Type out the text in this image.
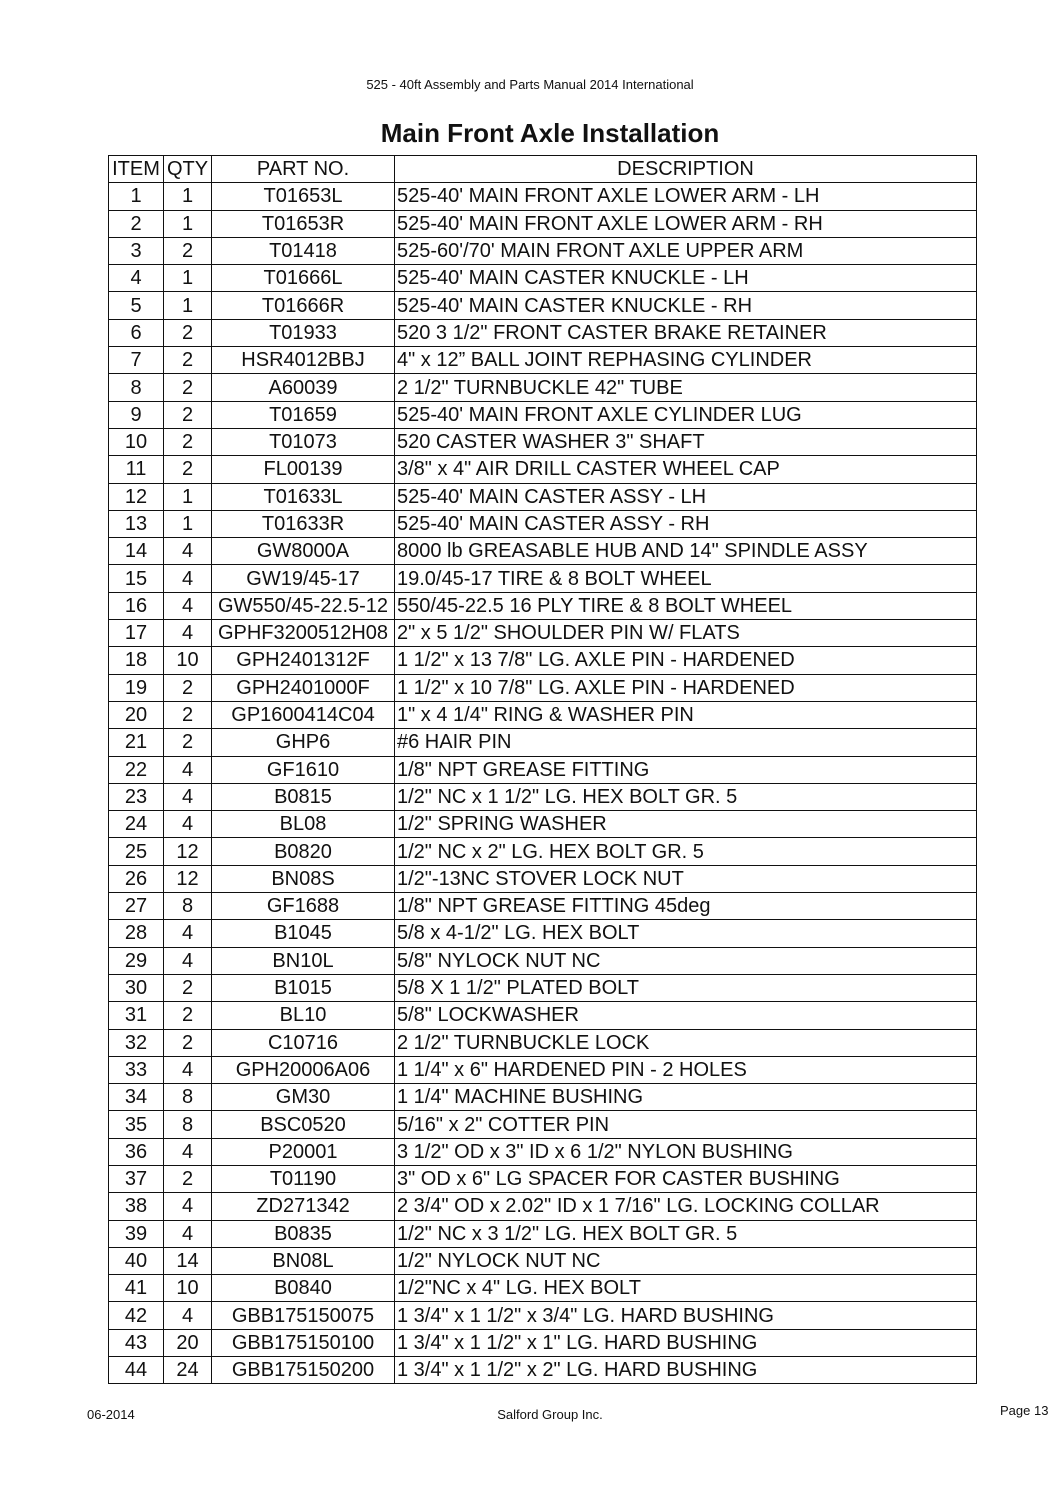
525 - 40ft Assembly and Parts Manual 2014 International
Main Front Axle Installation
ITEM	QTY	PART NO.	DESCRIPTION
1	1	T01653L	525-40' MAIN FRONT AXLE LOWER ARM - LH
2	1	T01653R	525-40' MAIN FRONT AXLE LOWER ARM - RH
3	2	T01418	525-60'/70' MAIN FRONT AXLE UPPER ARM
4	1	T01666L	525-40' MAIN CASTER KNUCKLE - LH
5	1	T01666R	525-40' MAIN CASTER KNUCKLE - RH
6	2	T01933	520 3 1/2" FRONT CASTER BRAKE RETAINER
7	2	HSR4012BBJ	4" x 12” BALL JOINT REPHASING CYLINDER
8	2	A60039	2 1/2" TURNBUCKLE 42" TUBE
9	2	T01659	525-40' MAIN FRONT AXLE CYLINDER LUG
10	2	T01073	520 CASTER WASHER 3" SHAFT
11	2	FL00139	3/8" x 4" AIR DRILL CASTER WHEEL CAP
12	1	T01633L	525-40' MAIN CASTER ASSY - LH
13	1	T01633R	525-40' MAIN CASTER ASSY - RH
14	4	GW8000A	8000 lb GREASABLE HUB AND 14" SPINDLE ASSY
15	4	GW19/45-17	19.0/45-17 TIRE & 8 BOLT WHEEL
16	4	GW550/45-22.5-12	550/45-22.5 16 PLY TIRE & 8 BOLT WHEEL
17	4	GPHF3200512H08	2" x 5 1/2" SHOULDER PIN W/ FLATS
18	10	GPH2401312F	1 1/2" x 13 7/8" LG. AXLE PIN - HARDENED
19	2	GPH2401000F	1 1/2" x 10 7/8" LG. AXLE PIN - HARDENED
20	2	GP1600414C04	1" x 4 1/4" RING & WASHER PIN
21	2	GHP6	#6 HAIR PIN
22	4	GF1610	1/8" NPT GREASE FITTING
23	4	B0815	1/2" NC x 1 1/2" LG. HEX BOLT GR. 5
24	4	BL08	1/2" SPRING WASHER
25	12	B0820	1/2" NC x 2" LG. HEX BOLT GR. 5
26	12	BN08S	1/2"-13NC STOVER LOCK NUT
27	8	GF1688	1/8" NPT GREASE FITTING 45deg
28	4	B1045	5/8 x 4-1/2" LG. HEX BOLT
29	4	BN10L	5/8" NYLOCK NUT NC
30	2	B1015	5/8 X 1 1/2" PLATED BOLT
31	2	BL10	5/8" LOCKWASHER
32	2	C10716	2 1/2" TURNBUCKLE LOCK
33	4	GPH20006A06	1 1/4" x 6" HARDENED PIN - 2 HOLES
34	8	GM30	1 1/4" MACHINE BUSHING
35	8	BSC0520	5/16" x 2" COTTER PIN
36	4	P20001	3 1/2" OD x 3" ID x 6 1/2" NYLON BUSHING
37	2	T01190	3" OD x 6" LG SPACER FOR CASTER BUSHING
38	4	ZD271342	2 3/4" OD x 2.02" ID x 1 7/16" LG. LOCKING COLLAR
39	4	B0835	1/2" NC x 3 1/2" LG. HEX BOLT GR. 5
40	14	BN08L	1/2" NYLOCK NUT NC
41	10	B0840	1/2"NC x 4" LG. HEX BOLT
42	4	GBB175150075	1 3/4" x 1 1/2" x 3/4" LG. HARD BUSHING
43	20	GBB175150100	1 3/4" x 1 1/2" x 1" LG. HARD BUSHING
44	24	GBB175150200	1 3/4" x 1 1/2" x 2" LG. HARD BUSHING
06-2014	Salford Group Inc.	Page 13
